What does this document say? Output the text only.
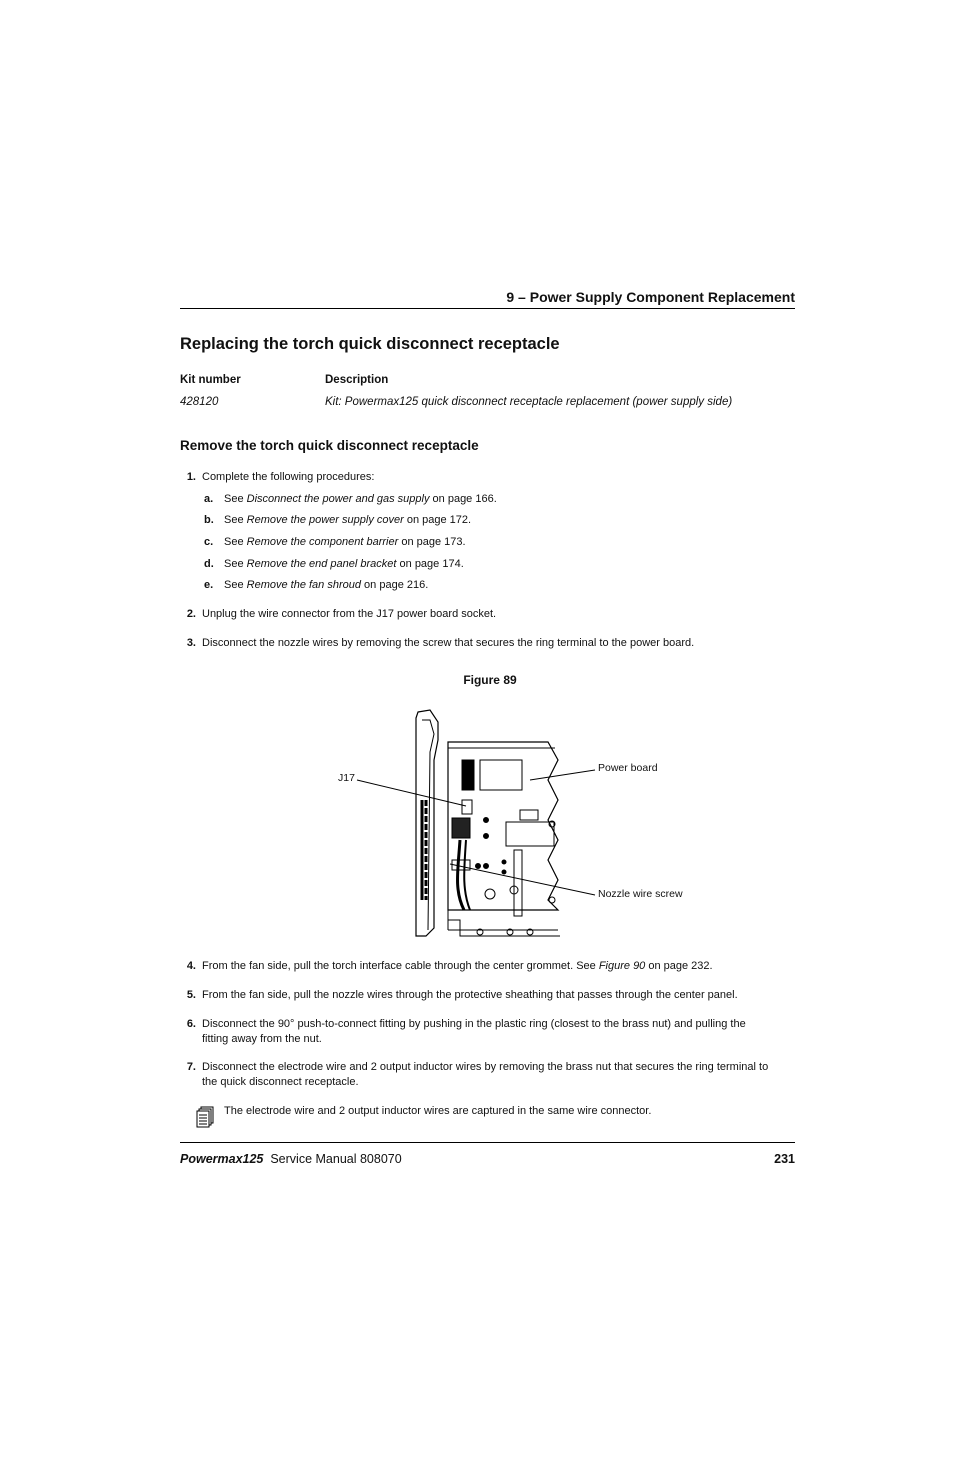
9 – Power Supply Component Replacement
Replacing the torch quick disconnect receptacle
Kit number	Description
428120	Kit: Powermax125 quick disconnect receptacle replacement (power supply side)
Remove the torch quick disconnect receptacle
1. Complete the following procedures:
a. See Disconnect the power and gas supply on page 166.
b. See Remove the power supply cover on page 172.
c. See Remove the component barrier on page 173.
d. See Remove the end panel bracket on page 174.
e. See Remove the fan shroud on page 216.
2. Unplug the wire connector from the J17 power board socket.
3. Disconnect the nozzle wires by removing the screw that secures the ring terminal to the power board.
Figure 89
J17
Power board
Nozzle wire screw
4. From the fan side, pull the torch interface cable through the center grommet. See Figure 90 on page 232.
5. From the fan side, pull the nozzle wires through the protective sheathing that passes through the center panel.
6. Disconnect the 90° push-to-connect fitting by pushing in the plastic ring (closest to the brass nut) and pulling the
fitting away from the nut.
7. Disconnect the electrode wire and 2 output inductor wires by removing the brass nut that secures the ring terminal to
the quick disconnect receptacle.
The electrode wire and 2 output inductor wires are captured in the same wire connector.
Powermax125 Service Manual 808070	231
